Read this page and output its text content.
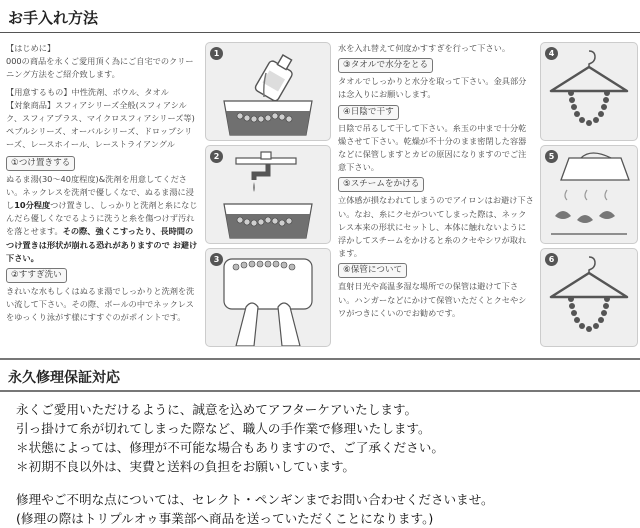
お手入れ方法

【はじめに】

000の商品を永くご愛用頂く為にご自宅でのクリーニング方法をご紹介致します。

【用意するもの】中性洗剤、ボウル、タオル

【対象商品】スフィアシリーズ全般(スフィアシルク、スフィアプラス、マイクロスフィアシリーズ等)ペブルシリーズ、オーバルシリーズ、ドロップシリーズ、レースホイール、レーストライアングル

①つけ置きする

ぬるま湯(30～40度程度)&洗剤を用意してください。ネックレスを洗剤で優しくなで、ぬるま湯に浸し10分程度つけ置きし、しっかりと洗剤と糸になじんだら優しくなでるように洗うと糸を傷つけず汚れを落とせます。その際、強くこすったり、長時間のつけ置きは形状が崩れる恐れがありますので お避け下さい。

②すすぎ洗い

きれいな水もしくはぬるま湯でしっかりと洗剤を洗い流して下さい。その際、ボールの中でネックレスをゆっくり泳がす様にすすぐのがポイントです。

1
2
3

水を入れ替えて何度かすすぎを行って下さい。

③タオルで水分をとる

タオルでしっかりと水分を取って下さい。金具部分は念入りにお願いします。

④日陰で干す

日陰で吊るして干して下さい。糸玉の中まで十分乾燥させて下さい。乾燥が不十分のまま密閉した容器などに保管しますとカビの原因になりますのでご注意下さい。

⑤スチームをかける

立体感が損なわれてしまうのでアイロンはお避け下さい。なお、糸にクセがついてしまった際は、ネックレス本来の形状にセットし、本体に触れないように浮かしてスチームをかけると糸のクセやシワが取れます。

⑥保管について

直射日光や高温多湿な場所での保管は避けて下さい。ハンガーなどにかけて保管いただくとクセやシワがつきにくいのでお勧めです。

4
5
6
永久修理保証対応

永くご愛用いただけるように、誠意を込めてアフターケアいたします。

引っ掛けて糸が切れてしまった際など、職人の手作業で修理いたします。

＊状態によっては、修理が不可能な場合もありますので、ご了承ください。

＊初期不良以外は、実費と送料の負担をお願いしています。

修理やご不明な点については、セレクト・ペンギンまでお問い合わせくださいませ。

(修理の際はトリプルオゥ事業部へ商品を送っていただくことになります。)
